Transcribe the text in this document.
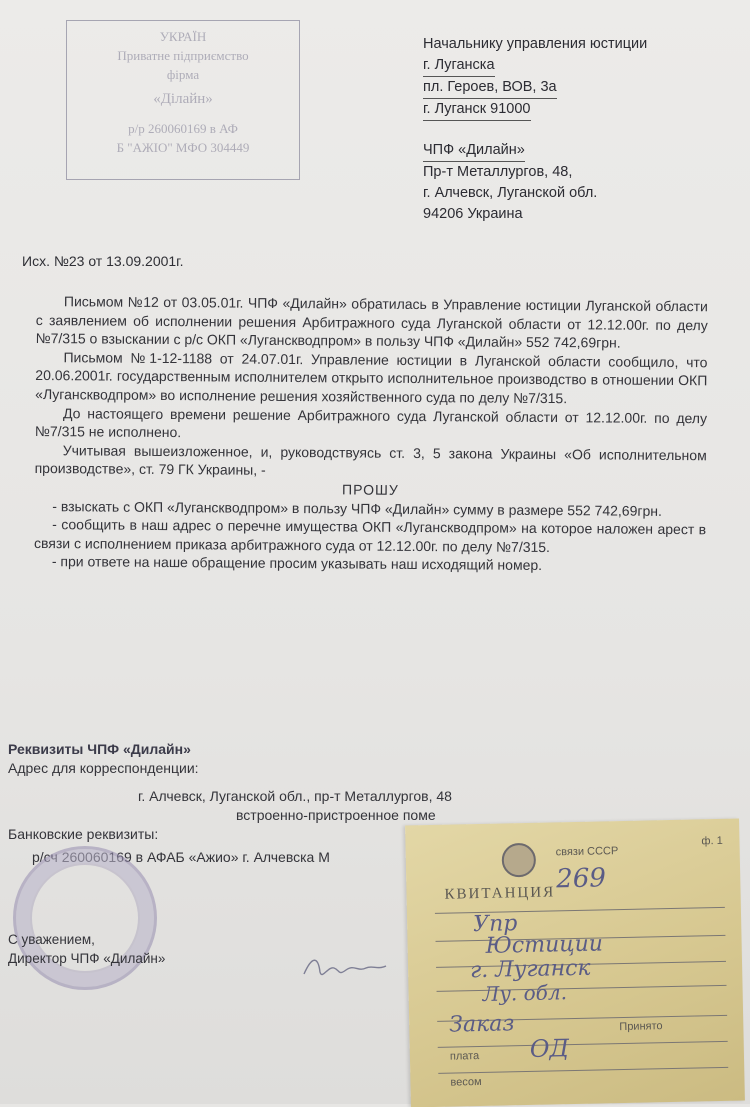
УКРАЇН
Приватне підприємство
фірма
«Ділайн»
р/р 260060169 в АФ
Б "АЖІО" МФО 304449
Начальнику управления юстиции
г. Луганска
пл. Героев, ВОВ, 3а
г. Луганск 91000
ЧПФ «Дилайн»
Пр-т Металлургов, 48,
г. Алчевск, Луганской обл.
94206 Украина
Исх. №23 от 13.09.2001г.

Письмом №12 от 03.05.01г. ЧПФ «Дилайн» обратилась в Управление юстиции Луганской области с заявлением об исполнении решения Арбитражного суда Луганской области от 12.12.00г. по делу №7/315 о взыскании с р/с ОКП «Луганскводпром» в пользу ЧПФ «Дилайн» 552 742,69грн.

Письмом №1-12-1188 от 24.07.01г. Управление юстиции в Луганской области сообщило, что 20.06.2001г. государственным исполнителем открыто исполнительное производство в отношении ОКП «Луганскводпром» во исполнение решения хозяйственного суда по делу №7/315.

До настоящего времени решение Арбитражного суда Луганской области от 12.12.00г. по делу №7/315 не исполнено.

Учитывая вышеизложенное, и, руководствуясь ст. 3, 5 закона Украины «Об исполнительном производстве», ст. 79 ГК Украины, -

ПРОШУ

- взыскать с ОКП «Луганскводпром» в пользу ЧПФ «Дилайн» сумму в размере 552 742,69грн.

- сообщить в наш адрес о перечне имущества ОКП «Луганскводпром» на которое наложен арест в связи с исполнением приказа арбитражного суда от 12.12.00г. по делу №7/315.

- при ответе на наше обращение просим указывать наш исходящий номер.

Реквизиты ЧПФ «Дилайн»
Адрес для корреспонденции:
г. Алчевск, Луганской обл., пр-т Металлургов, 48
встроенно-пристроенное поме
Банковские реквизиты:
р/сч 260060169 в АФАБ «Ажио» г. Алчевска М
С уважением,
Директор ЧПФ «Дилайн»
связи СССР
ф. 1
КВИТАНЦИЯ 269
Упр
Юстиции
г. Луганск
Лу. обл.
Заказ	Принято
плата ОД
весом
